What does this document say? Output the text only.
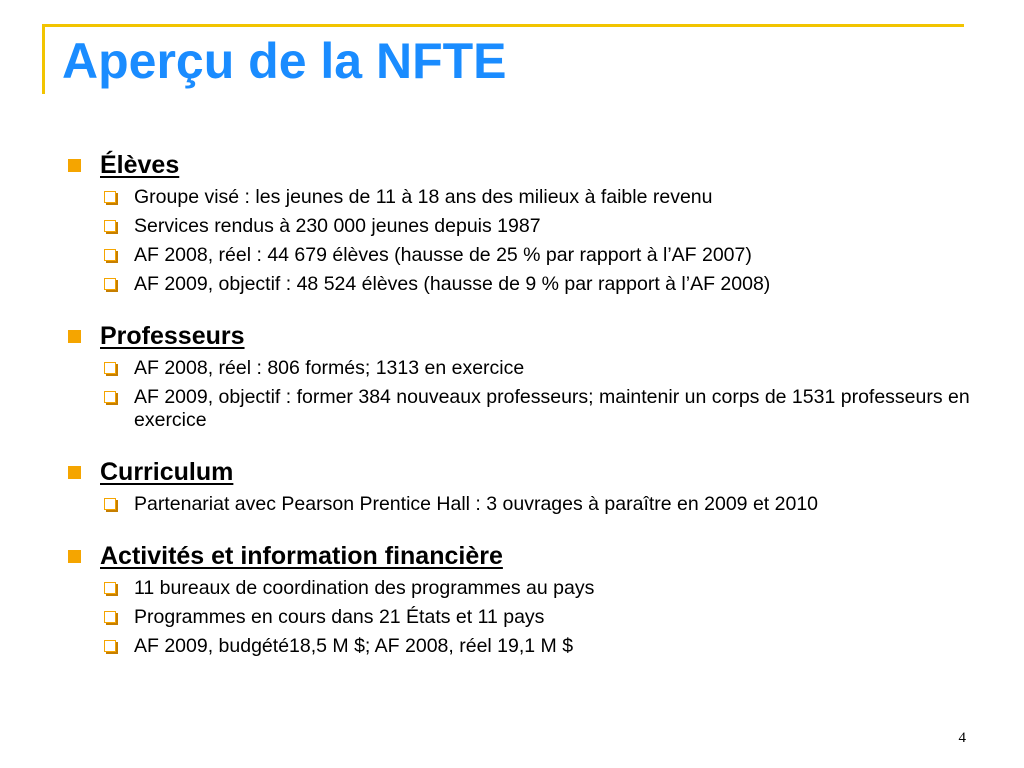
Aperçu de la NFTE
Élèves
Groupe visé : les jeunes de 11 à 18 ans des milieux à faible revenu
Services rendus à 230 000 jeunes depuis 1987
AF 2008, réel : 44 679 élèves (hausse de 25 % par rapport à l’AF 2007)
AF 2009, objectif : 48 524 élèves (hausse de 9 % par rapport à l’AF 2008)
Professeurs
AF 2008, réel : 806 formés; 1313 en exercice
AF 2009, objectif : former 384 nouveaux professeurs; maintenir un corps de 1531 professeurs en exercice
Curriculum
Partenariat avec Pearson Prentice Hall : 3 ouvrages à paraître en 2009 et 2010
Activités et information financière
11 bureaux de coordination des programmes au pays
Programmes en cours dans 21 États et 11 pays
AF 2009, budgété18,5 M $; AF 2008, réel 19,1 M $
4
